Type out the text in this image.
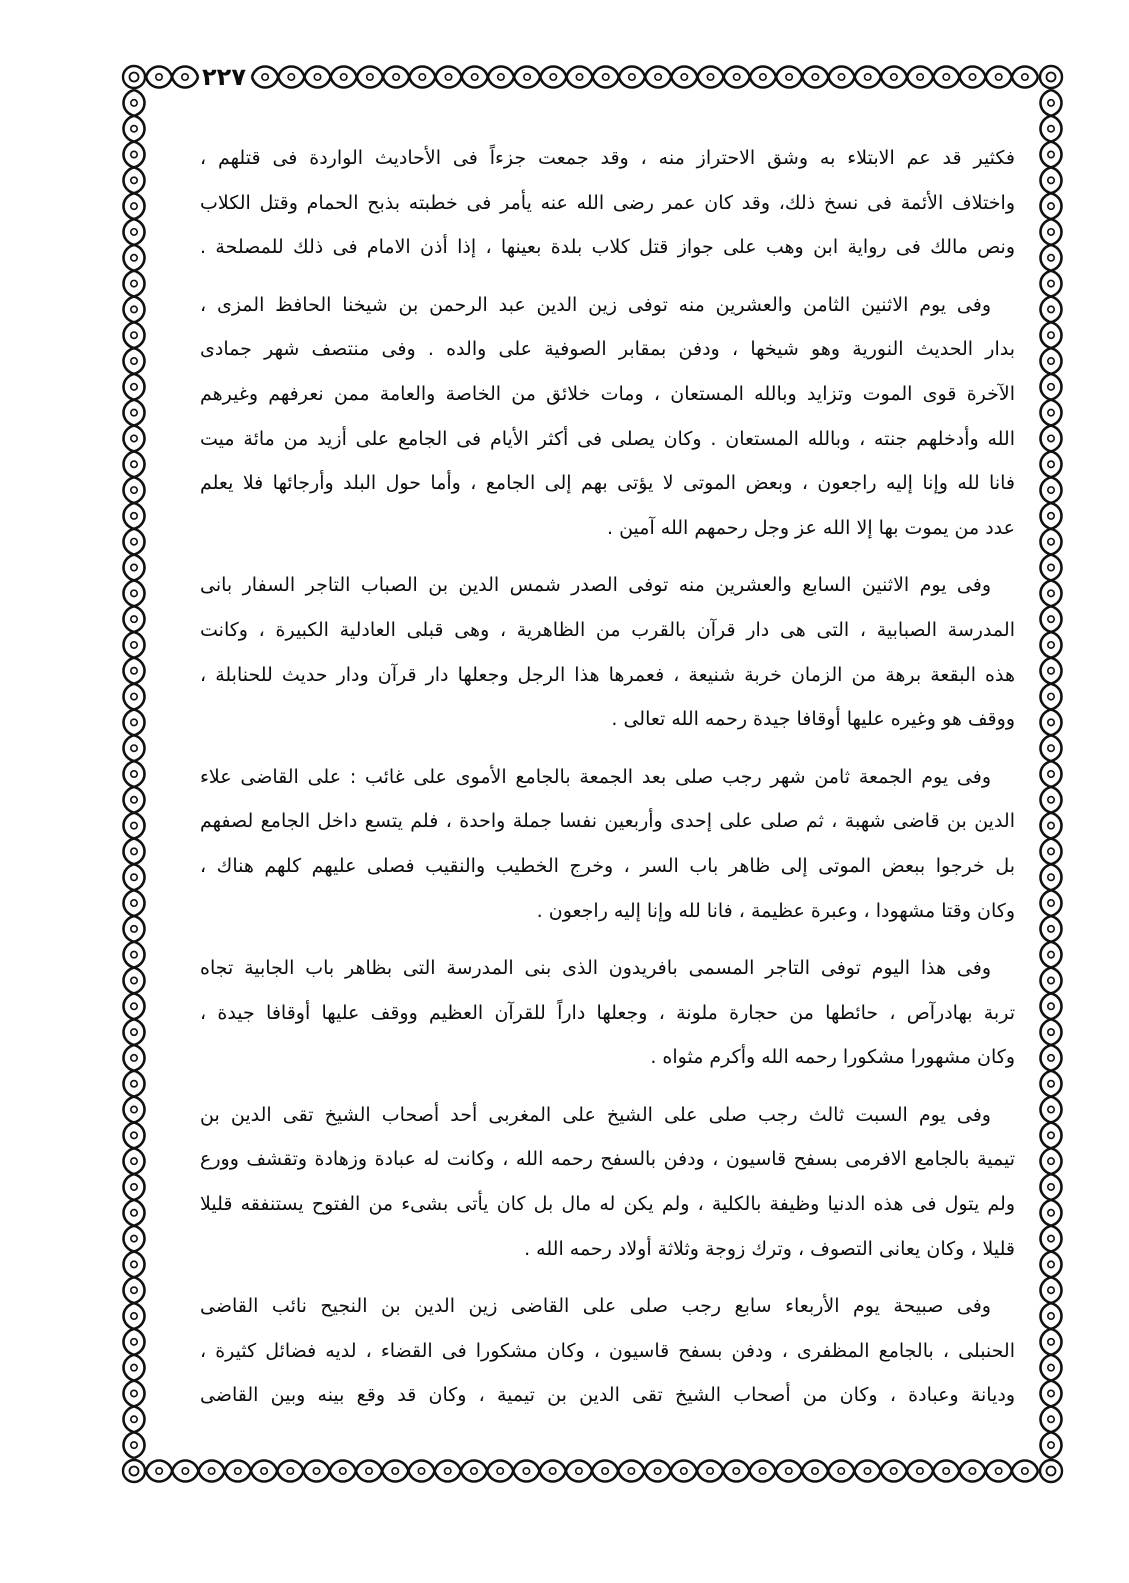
٢٢٧
فكثير قد عم الابتلاء به وشق الاحتراز منه ، وقد جمعت جزءاً فى الأحاديث الواردة فى قتلهم ،
واختلاف الأئمة فى نسخ ذلك، وقد كان عمر رضى الله عنه يأمر فى خطبته بذبح الحمام وقتل الكلاب
ونص مالك فى رواية ابن وهب على جواز قتل كلاب بلدة بعينها ، إذا أذن الامام فى ذلك للمصلحة .
وفى يوم الاثنين الثامن والعشرين منه توفى زين الدين عبد الرحمن بن شيخنا الحافظ المزى ،
بدار الحديث النورية وهو شيخها ، ودفن بمقابر الصوفية على والده . وفى منتصف شهر جمادى
الآخرة قوى الموت وتزايد وبالله المستعان ، ومات خلائق من الخاصة والعامة ممن نعرفهم وغيرهم
الله وأدخلهم جنته ، وبالله المستعان . وكان يصلى فى أكثر الأيام فى الجامع على أزيد من مائة ميت
فانا لله وإنا إليه راجعون ، وبعض الموتى لا يؤتى بهم إلى الجامع ، وأما حول البلد وأرجائها فلا يعلم
عدد من يموت بها إلا الله عز وجل رحمهم الله آمين .
وفى يوم الاثنين السابع والعشرين منه توفى الصدر شمس الدين بن الصباب التاجر السفار بانى
المدرسة الصبابية ، التى هى دار قرآن بالقرب من الظاهرية ، وهى قبلى العادلية الكبيرة ، وكانت
هذه البقعة برهة من الزمان خربة شنيعة ، فعمرها هذا الرجل وجعلها دار قرآن ودار حديث للحنابلة ،
ووقف هو وغيره عليها أوقافا جيدة رحمه الله تعالى .
وفى يوم الجمعة ثامن شهر رجب صلى بعد الجمعة بالجامع الأموى على غائب : على القاضى علاء
الدين بن قاضى شهبة ، ثم صلى على إحدى وأربعين نفسا جملة واحدة ، فلم يتسع داخل الجامع لصفهم
بل خرجوا ببعض الموتى إلى ظاهر باب السر ، وخرج الخطيب والنقيب فصلى عليهم كلهم هناك ،
وكان وقتا مشهودا ، وعبرة عظيمة ، فانا لله وإنا إليه راجعون .
وفى هذا اليوم توفى التاجر المسمى بافريدون الذى بنى المدرسة التى بظاهر باب الجابية تجاه
تربة بهادرآص ، حائطها من حجارة ملونة ، وجعلها داراً للقرآن العظيم ووقف عليها أوقافا جيدة ،
وكان مشهورا مشكورا رحمه الله وأكرم مثواه .
وفى يوم السبت ثالث رجب صلى على الشيخ على المغربى أحد أصحاب الشيخ تقى الدين بن
تيمية بالجامع الافرمى بسفح قاسيون ، ودفن بالسفح رحمه الله ، وكانت له عبادة وزهادة وتقشف وورع
ولم يتول فى هذه الدنيا وظيفة بالكلية ، ولم يكن له مال بل كان يأتى بشىء من الفتوح يستنفقه قليلا
قليلا ، وكان يعانى التصوف ، وترك زوجة وثلاثة أولاد رحمه الله .
وفى صبيحة يوم الأربعاء سابع رجب صلى على القاضى زين الدين بن النجيح نائب القاضى
الحنبلى ، بالجامع المظفرى ، ودفن بسفح قاسيون ، وكان مشكورا فى القضاء ، لديه فضائل كثيرة ،
وديانة وعبادة ، وكان من أصحاب الشيخ تقى الدين بن تيمية ، وكان قد وقع بينه وبين القاضى
